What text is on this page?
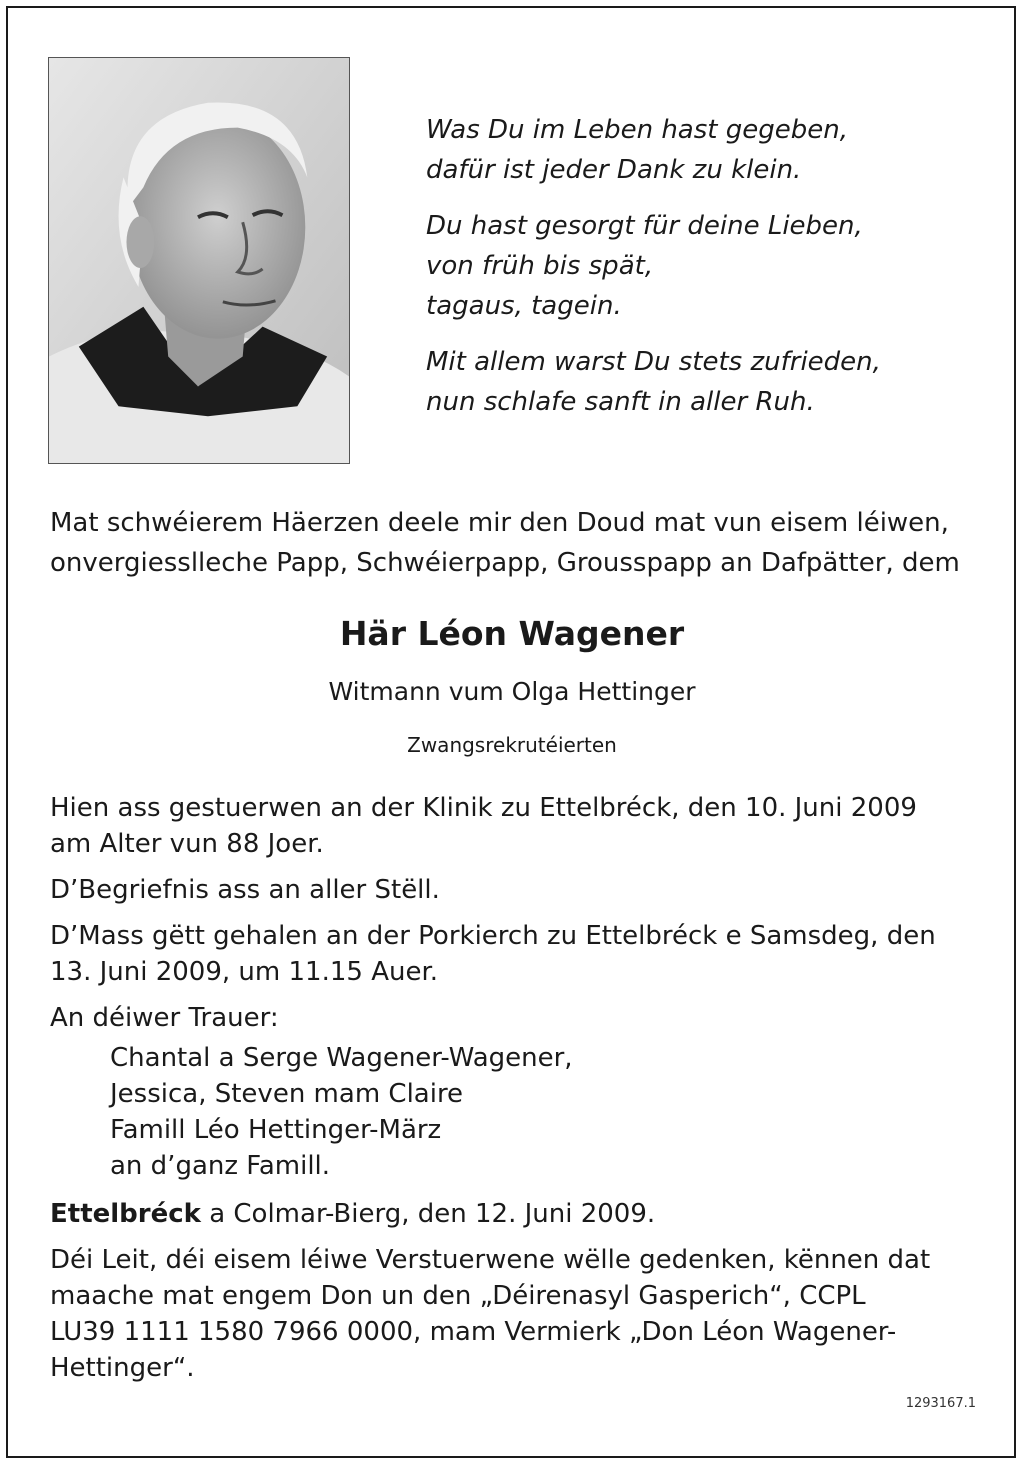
Was Du im Leben hast gegeben,
dafür ist jeder Dank zu klein.
Du hast gesorgt für deine Lieben,
von früh bis spät,
tagaus, tagein.
Mit allem warst Du stets zufrieden,
nun schlafe sanft in aller Ruh.
Mat schwéierem Häerzen deele mir den Doud mat vun eisem léiwen,
onvergiesslleche Papp, Schwéierpapp, Grousspapp an Dafpätter, dem
Här Léon Wagener
Witmann vum Olga Hettinger
Zwangsrekrutéierten

Hien ass gestuerwen an der Klinik zu Ettelbréck, den 10. Juni 2009
am Alter vun 88 Joer.

D’Begriefnis ass an aller Stëll.

D’Mass gëtt gehalen an der Porkierch zu Ettelbréck e Samsdeg, den
13. Juni 2009, um 11.15 Auer.

An déiwer Trauer:

Chantal a Serge Wagener-Wagener,
Jessica, Steven mam Claire
Famill Léo Hettinger-März
an d’ganz Famill.

Ettelbréck a Colmar-Bierg, den 12. Juni 2009.

Déi Leit, déi eisem léiwe Verstuerwene wëlle gedenken, kënnen dat
maache mat engem Don un den „Déirenasyl Gasperich“, CCPL
LU39 1111 1580 7966 0000, mam Vermierk „Don Léon Wagener-
Hettinger“.
1293167.1
